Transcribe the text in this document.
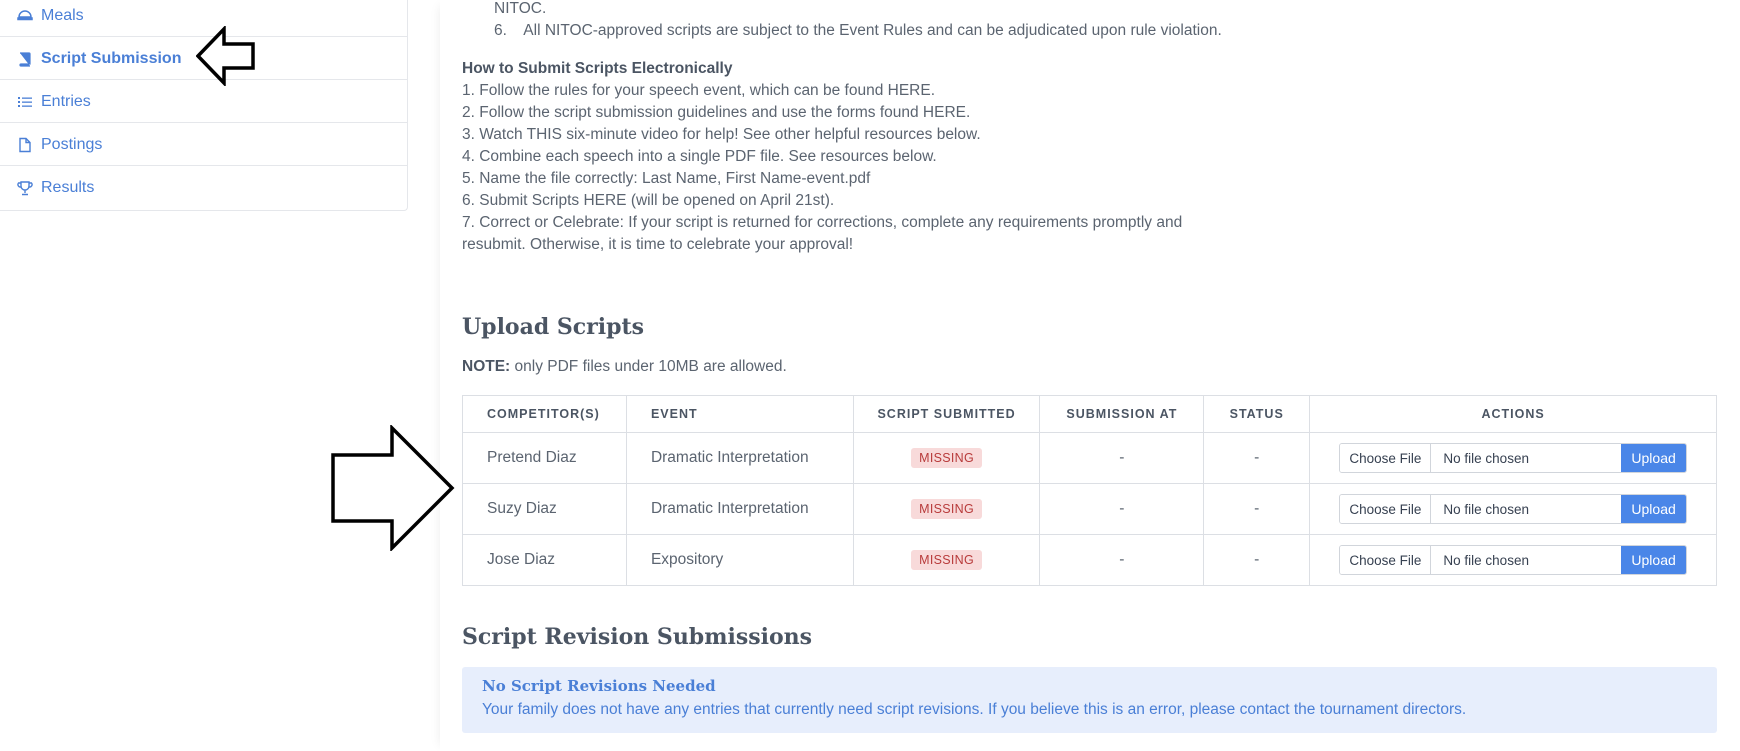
Meals
Script Submission
Entries
Postings
Results
NITOC.
6.    All NITOC-approved scripts are subject to the Event Rules and can be adjudicated upon rule violation.
How to Submit Scripts Electronically
1. Follow the rules for your speech event, which can be found HERE.
2. Follow the script submission guidelines and use the forms found HERE.
3. Watch THIS six-minute video for help! See other helpful resources below.
4. Combine each speech into a single PDF file. See resources below.
5. Name the file correctly: Last Name, First Name-event.pdf
6. Submit Scripts HERE (will be opened on April 21st).
7. Correct or Celebrate: If your script is returned for corrections, complete any requirements promptly and
resubmit. Otherwise, it is time to celebrate your approval!
Upload Scripts
NOTE: only PDF files under 10MB are allowed.
COMPETITOR(S)	EVENT	SCRIPT SUBMITTED	SUBMISSION AT	STATUS	ACTIONS
Pretend Diaz	Dramatic Interpretation	MISSING	-	-	Choose File No file chosen Upload

Suzy Diaz	Dramatic Interpretation	MISSING	-	-	Choose File No file chosen Upload

Jose Diaz	Expository	MISSING	-	-	Choose File No file chosen Upload
Script Revision Submissions
No Script Revisions Needed
Your family does not have any entries that currently need script revisions. If you believe this is an error, please contact the tournament directors.
